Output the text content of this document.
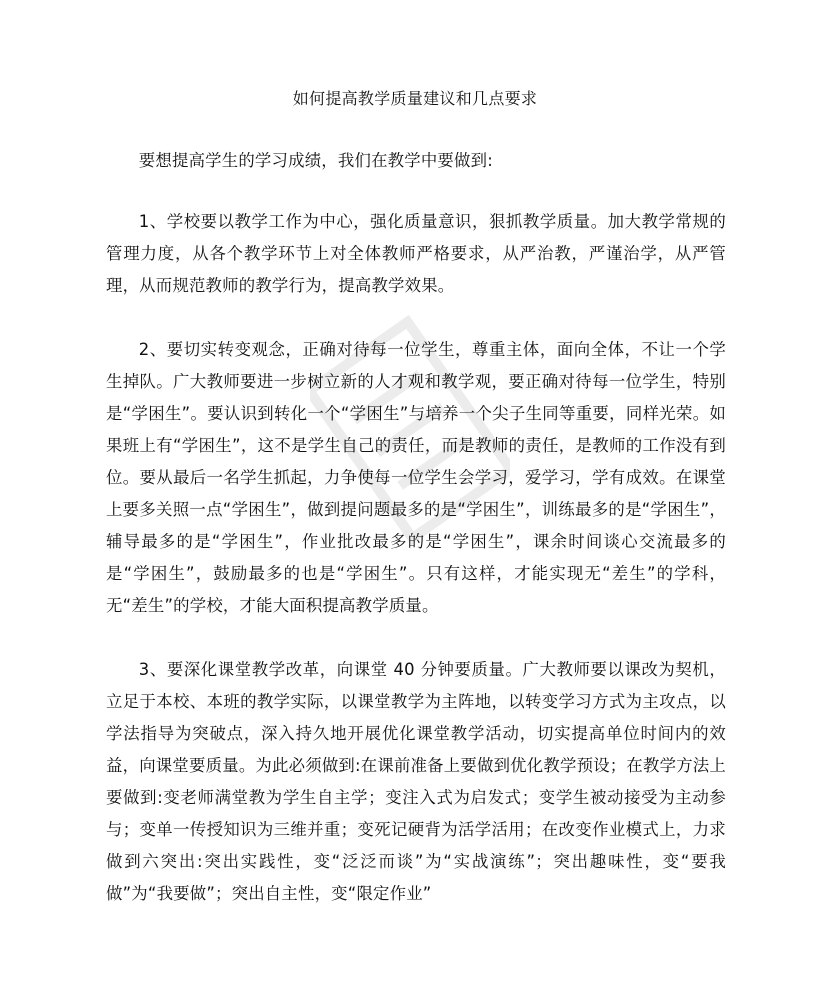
如何提高教学质量建议和几点要求

要想提高学生的学习成绩，我们在教学中要做到:

1、学校要以教学工作为中心，强化质量意识，狠抓教学质量。加大教学常规的管理力度，从各个教学环节上对全体教师严格要求，从严治教，严谨治学，从严管理，从而规范教师的教学行为，提高教学效果。

2、要切实转变观念，正确对待每一位学生，尊重主体，面向全体，不让一个学生掉队。广大教师要进一步树立新的人才观和教学观，要正确对待每一位学生，特别是“学困生”。要认识到转化一个“学困生”与培养一个尖子生同等重要，同样光荣。如果班上有“学困生”，这不是学生自己的责任，而是教师的责任，是教师的工作没有到位。要从最后一名学生抓起，力争使每一位学生会学习，爱学习，学有成效。在课堂上要多关照一点“学困生”，做到提问题最多的是“学困生”，训练最多的是“学困生”，辅导最多的是“学困生”，作业批改最多的是“学困生”，课余时间谈心交流最多的是“学困生”，鼓励最多的也是“学困生”。只有这样，才能实现无“差生”的学科，无“差生”的学校，才能大面积提高教学质量。

3、要深化课堂教学改革，向课堂 40 分钟要质量。广大教师要以课改为契机，立足于本校、本班的教学实际，以课堂教学为主阵地，以转变学习方式为主攻点，以学法指导为突破点，深入持久地开展优化课堂教学活动，切实提高单位时间内的效益，向课堂要质量。为此必须做到:在课前准备上要做到优化教学预设；在教学方法上要做到:变老师满堂教为学生自主学；变注入式为启发式；变学生被动接受为主动参与；变单一传授知识为三维并重；变死记硬背为活学活用；在改变作业模式上，力求做到六突出:突出实践性，变“泛泛而谈”为“实战演练”；突出趣味性，变“要我做”为“我要做”；突出自主性，变“限定作业”
